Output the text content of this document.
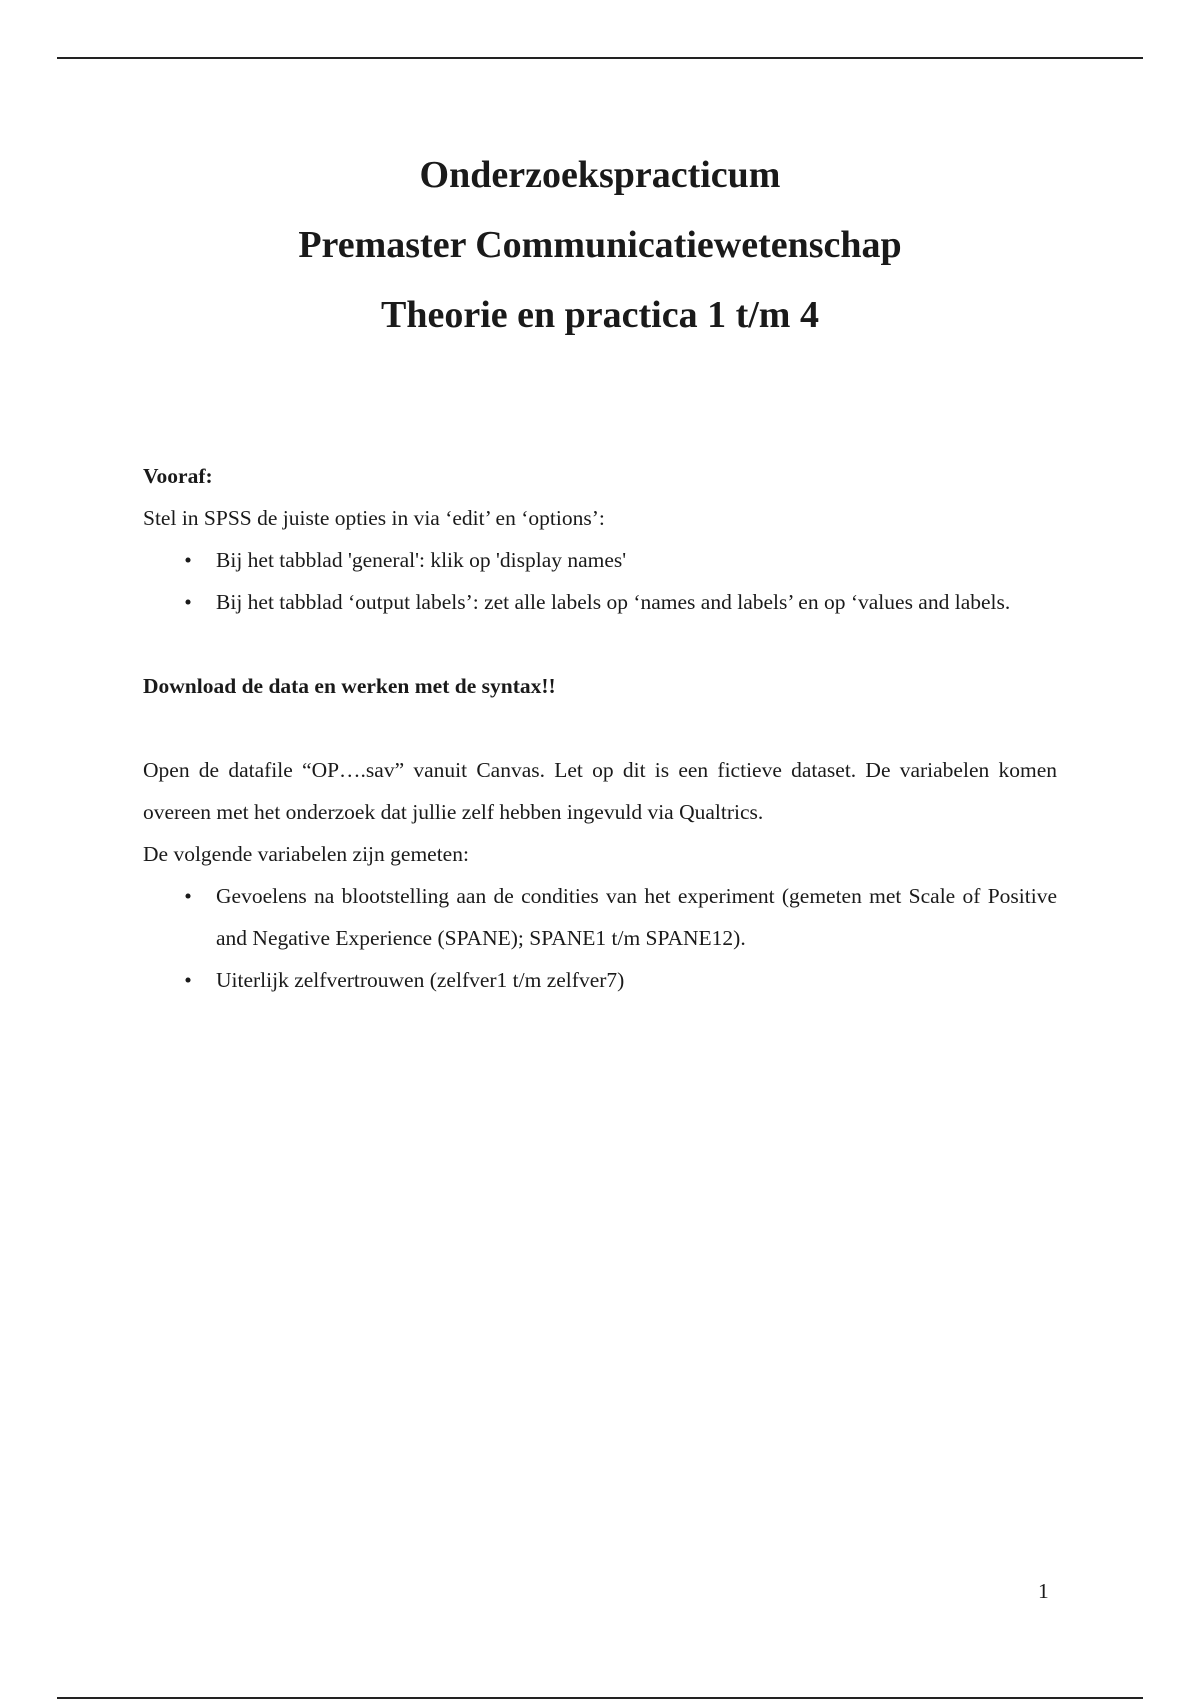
Onderzoekspracticum

Premaster Communicatiewetenschap

Theorie en practica 1 t/m 4

Vooraf:

Stel in SPSS de juiste opties in via ‘edit’ en ‘options’:

• Bij het tabblad 'general': klik op 'display names'
• Bij het tabblad ‘output labels’: zet alle labels op ‘names and labels’ en op ‘values and labels.

Download de data en werken met de syntax!!

Open de datafile “OP….sav” vanuit Canvas. Let op dit is een fictieve dataset. De variabelen komen overeen met het onderzoek dat jullie zelf hebben ingevuld via Qualtrics.

De volgende variabelen zijn gemeten:

• Gevoelens na blootstelling aan de condities van het experiment (gemeten met Scale of Positive and Negative Experience (SPANE); SPANE1 t/m SPANE12).
• Uiterlijk zelfvertrouwen (zelfver1 t/m zelfver7)
1
